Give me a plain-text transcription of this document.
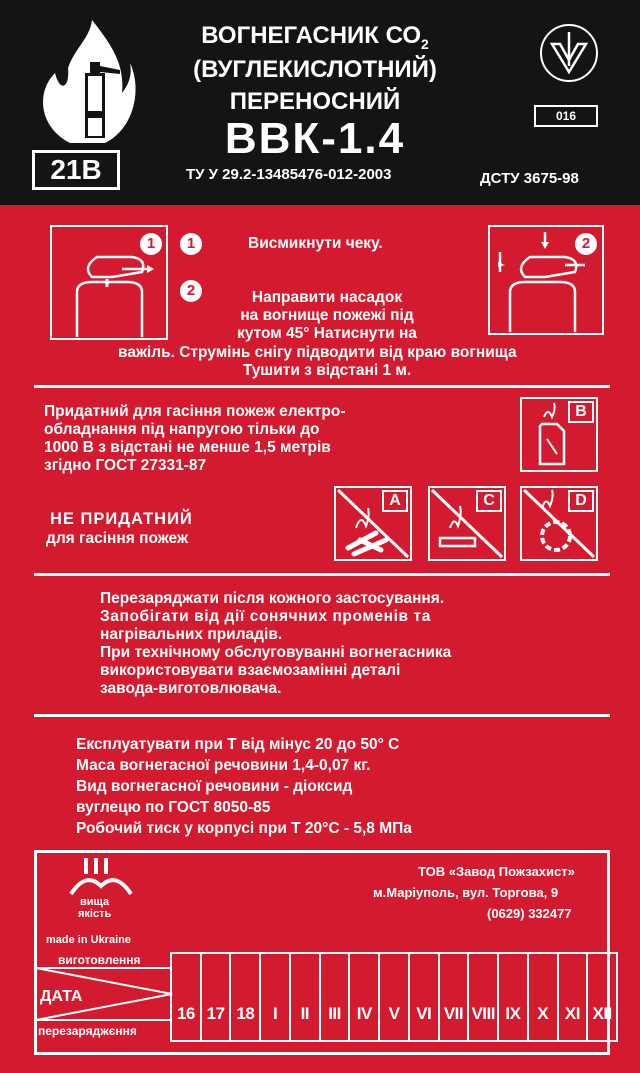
21В
ВОГНЕГАСНИК $СО_2$
(ВУГЛЕКИСЛОТНИЙ)
ПЕРЕНОСНИЙ
ВВК-1.4
ТУ У 29.2-13485476-012-2003	ДСТУ 3675-98
016
1	1
2
Висмикнути чеку.
Направити насадок
на вогнище пожежі під
кутом 45° Натиснути на
важіль. Струмінь снігу підводити від краю вогнища
Тушити з відстані 1 м.
2
Придатний для гасіння пожеж електро-
обладнання під напругою тільки до
1000 В з відстані не менше 1,5 метрів
згідно ГОСТ 27331-87
B
НЕ ПРИДАТНИЙ
для гасіння пожеж
A	C	D
Перезаряджати після кожного застосування.
Запобігати від дії сонячних променів та
нагрівальних приладів.
При технічному обслуговуванні вогнегасника
використовувати взаємозамінні деталі
завода-виготовлювача.
Експлуатувати при Т від мінус 20 до 50° С
Маса вогнегасної речовини 1,4-0,07 кг.
Вид вогнегасної речовини - діоксид
вуглецю по ГОСТ 8050-85
Робочий тиск у корпусі при Т 20°С - 5,8 МПа
вища
якість
made in Ukraine
ТОВ «Завод Пожзахист»
м.Маріуполь, вул. Торгова, 9
(0629) 332477
виготовлення
ДАТА
перезаряджєння
16 17 18	I	II	III IV V VI VII VIII IX X XI XII
